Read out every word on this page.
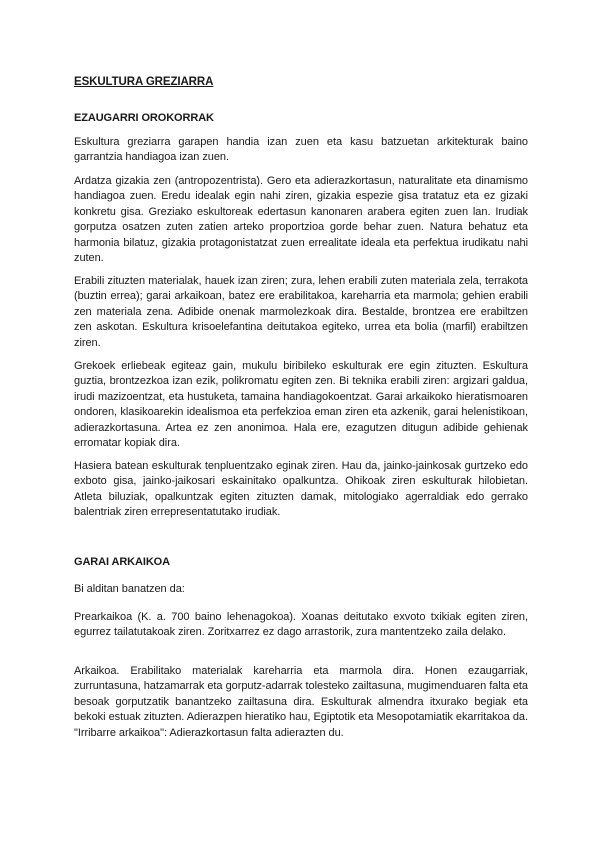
ESKULTURA GREZIARRA
EZAUGARRI OROKORRAK

Eskultura greziarra garapen handia izan zuen eta kasu batzuetan arkitekturak baino garrantzia handiagoa izan zuen.

Ardatza gizakia zen (antropozentrista). Gero eta adierazkortasun, naturalitate eta dinamismo handiagoa zuen. Eredu idealak egin nahi ziren, gizakia espezie gisa tratatuz eta ez gizaki konkretu gisa. Greziako eskultoreak edertasun kanonaren arabera egiten zuen lan. Irudiak gorputza osatzen zuten zatien arteko proportzioa gorde behar zuen. Natura behatuz eta harmonia bilatuz, gizakia protagonistatzat zuen errealitate ideala eta perfektua irudikatu nahi zuten.

Erabili zituzten materialak, hauek izan ziren; zura, lehen erabili zuten materiala zela, terrakota (buztin errea); garai arkaikoan, batez ere erabilitakoa, kareharria eta marmola; gehien erabili zen materiala zena. Adibide onenak marmolezkoak dira. Bestalde, brontzea ere erabiltzen zen askotan. Eskultura krisoelefantina deitutakoa egiteko, urrea eta bolia (marfil) erabiltzen ziren.

Grekoek erliebeak egiteaz gain, mukulu biribileko eskulturak ere egin zituzten. Eskultura guztia, brontzezkoa izan ezik, polikromatu egiten zen. Bi teknika erabili ziren: argizari galdua, irudi mazizoentzat, eta hustuketa, tamaina handiagokoentzat. Garai arkaikoko hieratismoaren ondoren, klasikoarekin idealismoa eta perfekzioa eman ziren eta azkenik, garai helenistikoan, adierazkortasuna. Artea ez zen anonimoa. Hala ere, ezagutzen ditugun adibide gehienak erromatar kopiak dira.

Hasiera batean eskulturak tenpluentzako eginak ziren. Hau da, jainko-jainkosak gurtzeko edo exboto gisa, jainko-jaikosari eskainitako opalkuntza. Ohikoak ziren eskulturak hilobietan. Atleta biluziak, opalkuntzak egiten zituzten damak, mitologiako agerraldiak edo gerrako balentriak ziren errepresentatutako irudiak.

GARAI ARKAIKOA

Bi alditan banatzen da:

Prearkaikoa (K. a. 700 baino lehenagokoa). Xoanas deitutako exvoto txikiak egiten ziren, egurrez tailatutakoak ziren. Zoritxarrez ez dago arrastorik, zura mantentzeko zaila delako.

Arkaikoa. Erabilitako materialak kareharria eta marmola dira. Honen ezaugarriak, zurruntasuna, hatzamarrak eta gorputz-adarrak tolesteko zailtasuna, mugimenduaren falta eta besoak gorputzatik banantzeko zailtasuna dira. Eskulturak almendra itxurako begiak eta bekoki estuak zituzten. Adierazpen hieratiko hau, Egiptotik eta Mesopotamiatik ekarritakoa da. "Irribarre arkaikoa": Adierazkortasun falta adierazten du.
